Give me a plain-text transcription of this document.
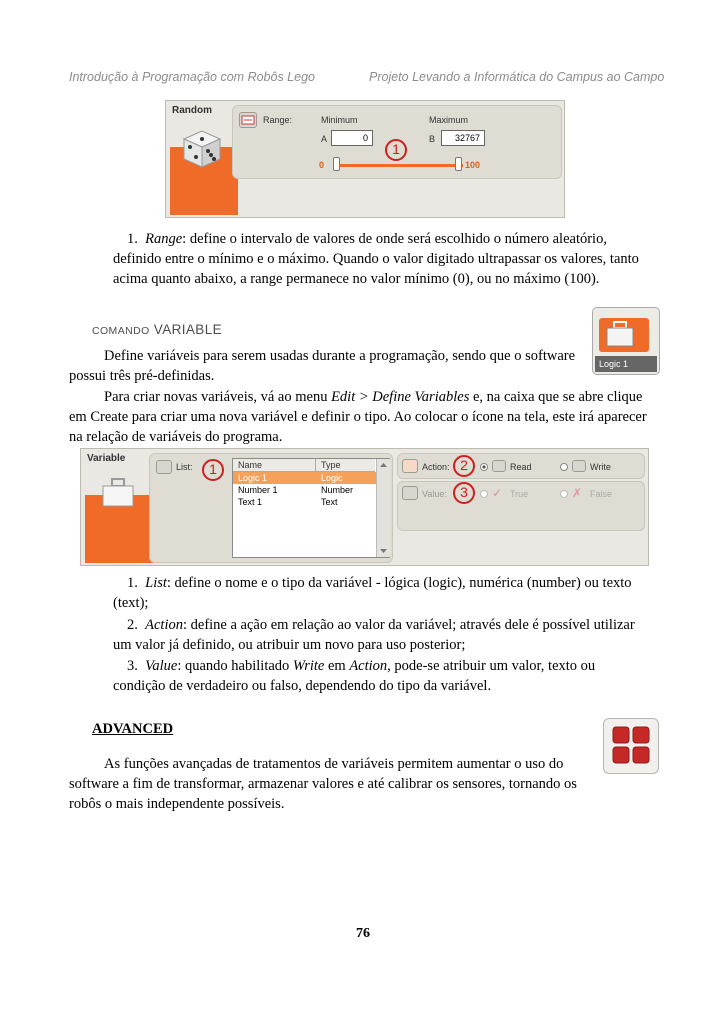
Introdução à Programação com Robôs Lego	Projeto Levando a Informática do Campus ao Campo
Random
Range:	Minimum	Maximum
A	0	B	32767
0	100
1
1. Range: define o intervalo de valores de onde será escolhido o número aleatório,
definido entre o mínimo e o máximo. Quando o valor digitado ultrapassar os valores, tanto
acima quanto abaixo, a range permanece no valor mínimo (0), ou no máximo (100).
COMANDO VARIABLE
Logic 1
Define variáveis para serem usadas durante a programação, sendo que o software
possui três pré-definidas.
Para criar novas variáveis, vá ao menu Edit > Define Variables e, na caixa que se abre clique
em Create para criar uma nova variável e definir o tipo. Ao colocar o ícone na tela, este irá aparecer
na relação de variáveis do programa.
Variable
List:	1	Name	Type
Logic 1	Logic
Number 1	Number
Text 1	Text
Action: 2	Read	Write
Value: 3	✓ True	✗ False
1. List: define o nome e o tipo da variável - lógica (logic), numérica (number) ou texto
(text);
2. Action: define a ação em relação ao valor da variável; através dele é possível utilizar
um valor já definido, ou atribuir um novo para uso posterior;
3. Value: quando habilitado Write em Action, pode-se atribuir um valor, texto ou
condição de verdadeiro ou falso, dependendo do tipo da variável.
ADVANCED
As funções avançadas de tratamentos de variáveis permitem aumentar o uso do
software a fim de transformar, armazenar valores e até calibrar os sensores, tornando os
robôs o mais independente possíveis.
76
